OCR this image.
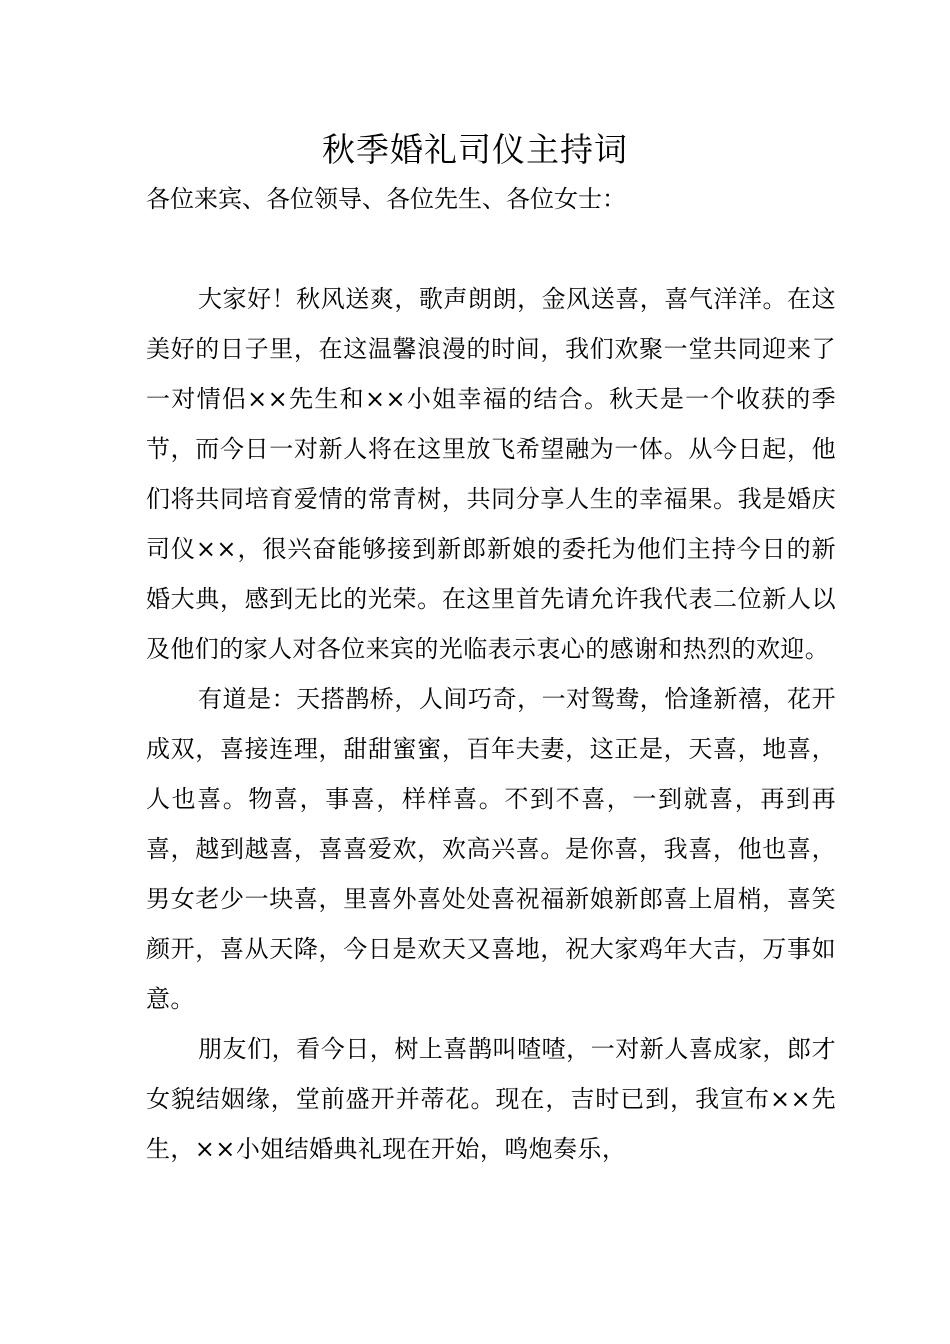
秋季婚礼司仪主持词

各位来宾、各位领导、各位先生、各位女士：

大家好！秋风送爽，歌声朗朗，金风送喜，喜气洋洋。在这美好的日子里，在这温馨浪漫的时间，我们欢聚一堂共同迎来了一对情侣××先生和××小姐幸福的结合。秋天是一个收获的季节，而今日一对新人将在这里放飞希望融为一体。从今日起，他们将共同培育爱情的常青树，共同分享人生的幸福果。我是婚庆司仪××，很兴奋能够接到新郎新娘的委托为他们主持今日的新婚大典，感到无比的光荣。在这里首先请允许我代表二位新人以及他们的家人对各位来宾的光临表示衷心的感谢和热烈的欢迎。

有道是：天搭鹊桥，人间巧奇，一对鸳鸯，恰逢新禧，花开成双，喜接连理，甜甜蜜蜜，百年夫妻，这正是，天喜，地喜，人也喜。物喜，事喜，样样喜。不到不喜，一到就喜，再到再喜，越到越喜，喜喜爱欢，欢高兴喜。是你喜，我喜，他也喜，男女老少一块喜，里喜外喜处处喜祝福新娘新郎喜上眉梢，喜笑颜开，喜从天降，今日是欢天又喜地，祝大家鸡年大吉，万事如意。

朋友们，看今日，树上喜鹊叫喳喳，一对新人喜成家，郎才女貌结姻缘，堂前盛开并蒂花。现在，吉时已到，我宣布××先生，××小姐结婚典礼现在开始，鸣炮奏乐，
